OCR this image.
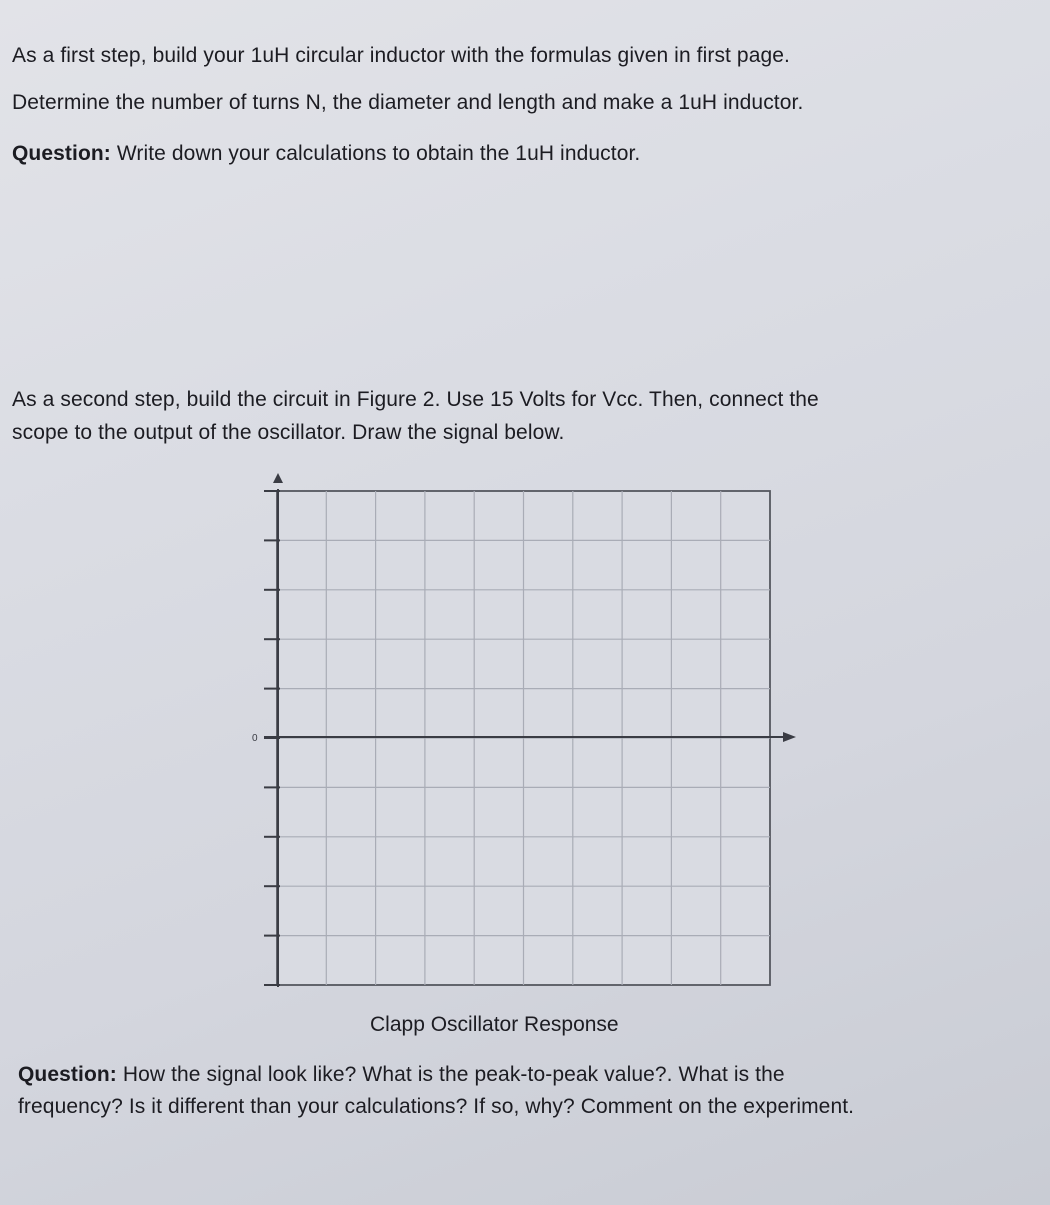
As a first step, build your 1uH circular inductor with the formulas given in first page.

Determine the number of turns N, the diameter and length and make a 1uH inductor.

Question: Write down your calculations to obtain the 1uH inductor.

As a second step, build the circuit in Figure 2. Use 15 Volts for Vcc. Then, connect the

scope to the output of the oscillator. Draw the signal below.

0

Clapp Oscillator Response

Question: How the signal look like? What is the peak-to-peak value?. What is the

frequency? Is it different than your calculations? If so, why? Comment on the experiment.
